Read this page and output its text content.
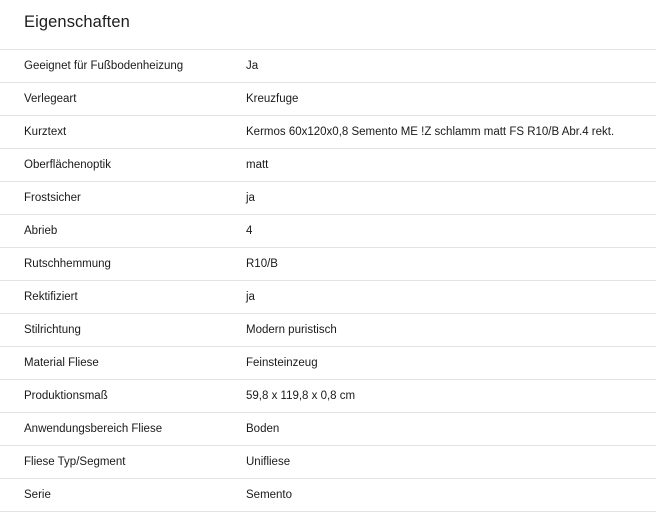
Eigenschaften
Geeignet für Fußbodenheizung	Ja
Verlegeart	Kreuzfuge
Kurztext	Kermos 60x120x0,8 Semento ME !Z schlamm matt FS R10/B Abr.4 rekt.
Oberflächenoptik	matt
Frostsicher	ja
Abrieb	4
Rutschhemmung	R10/B
Rektifiziert	ja
Stilrichtung	Modern puristisch
Material Fliese	Feinsteinzeug
Produktionsmaß	59,8 x 119,8 x 0,8 cm
Anwendungsbereich Fliese	Boden
Fliese Typ/Segment	Unifliese
Serie	Semento
